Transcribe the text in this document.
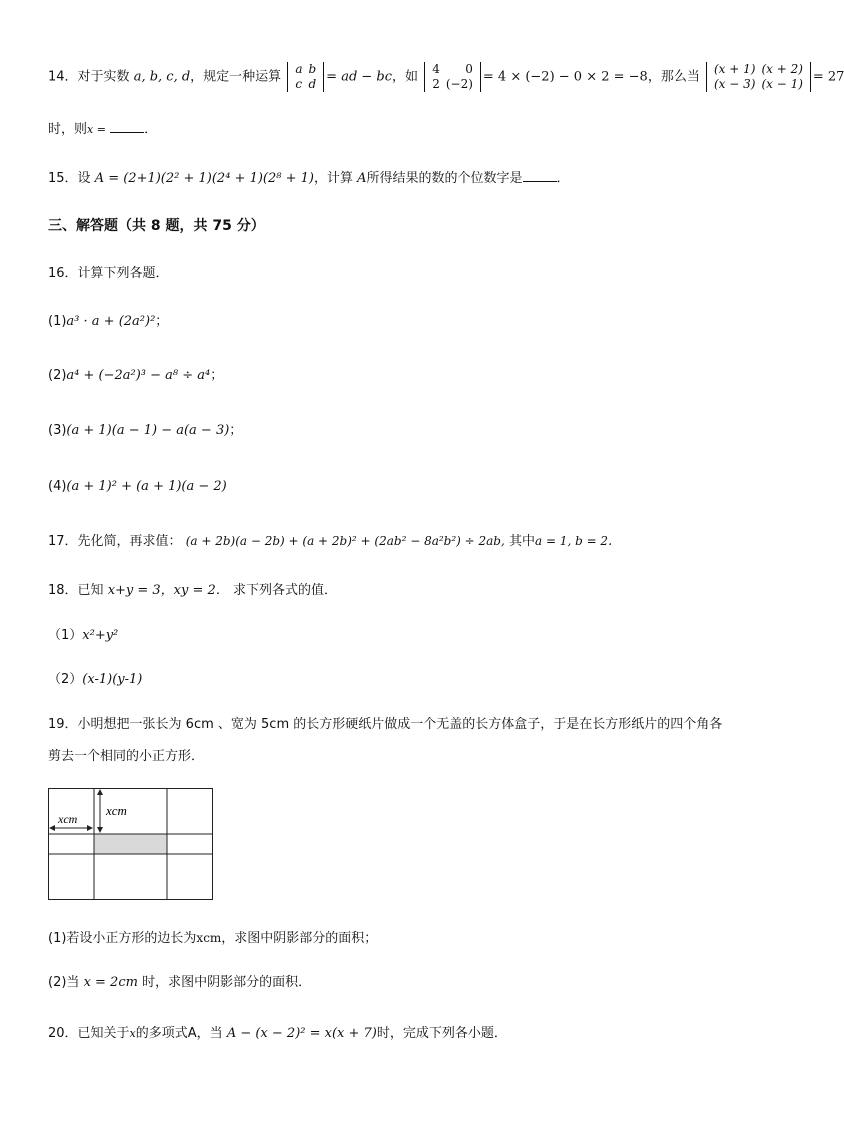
14．对于实数 a, b, c, d，规定一种运算
a	b
c	d = ad − bc，如
4	0
2	(−2) = 4 × (−2) − 0 × 2 = −8，那么当
(x + 1)	(x + 2)
(x − 3)	(x − 1) = 27
时，则x =	．
15．设 A = (2+1)(2² + 1)(2⁴ + 1)(2⁸ + 1)，计算 A所得结果的数的个位数字是	．
三、解答题（共 8 题，共 75 分）
16．计算下列各题．
(1)a³ · a + (2a²)²；
(2)a⁴ + (−2a²)³ − a⁸ ÷ a⁴；
(3)(a + 1)(a − 1) − a(a − 3)；
(4)(a + 1)² + (a + 1)(a − 2)
17．先化简，再求值： (a + 2b)(a − 2b) + (a + 2b)² + (2ab² − 8a²b²) ÷ 2ab, 其中a = 1, b = 2.
18．已知 x+y = 3，xy = 2． 求下列各式的值．
（1）x²+y²
（2）(x-1)(y-1)
19．小明想把一张长为 6cm 、宽为 5cm 的长方形硬纸片做成一个无盖的长方体盒子，于是在长方形纸片的四个角各
剪去一个相同的小正方形．
xcm
xcm
(1)若设小正方形的边长为xcm，求图中阴影部分的面积；
(2)当 x = 2cm 时，求图中阴影部分的面积．
20．已知关于x的多项式A，当 A − (x − 2)² = x(x + 7)时，完成下列各小题．
